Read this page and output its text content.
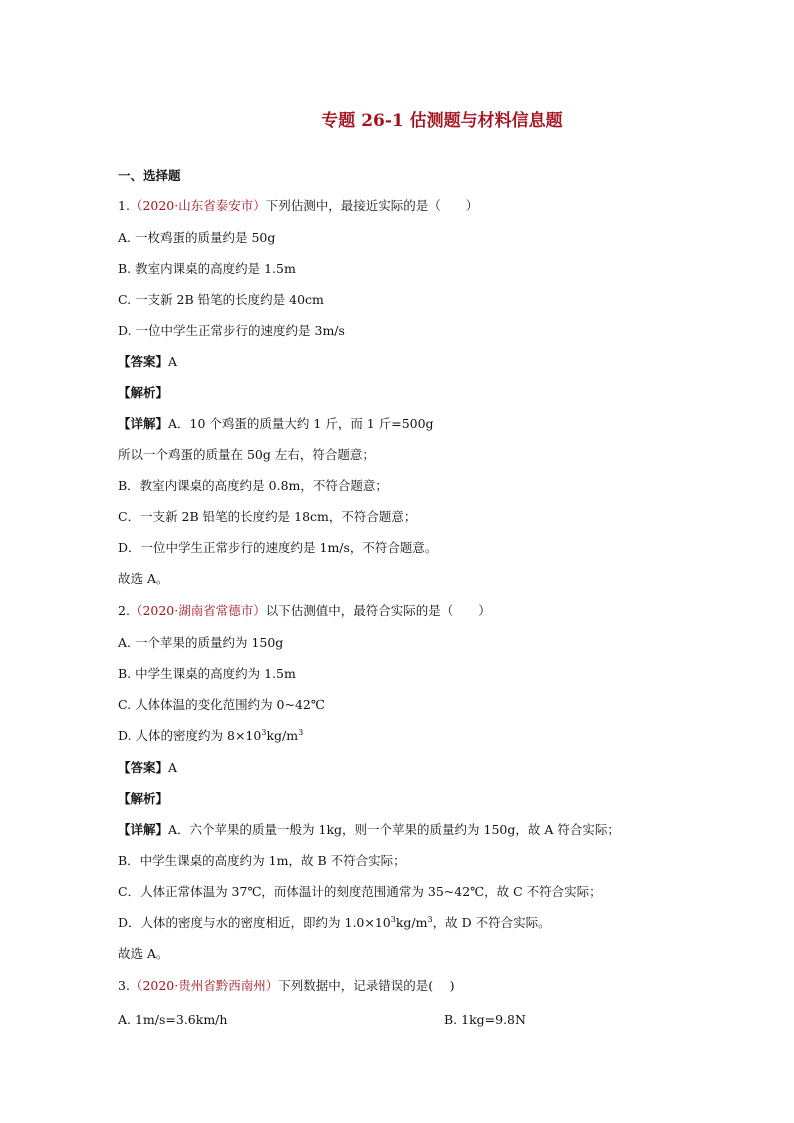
专题 26-1 估测题与材料信息题
一、选择题
1.（2020·山东省泰安市）下列估测中，最接近实际的是（　　）
A. 一枚鸡蛋的质量约是 50g
B. 教室内课桌的高度约是 1.5m
C. 一支新 2B 铅笔的长度约是 40cm
D. 一位中学生正常步行的速度约是 3m/s
【答案】A
【解析】
【详解】A．10 个鸡蛋的质量大约 1 斤，而 1 斤=500g
所以一个鸡蛋的质量在 50g 左右，符合题意；
B．教室内课桌的高度约是 0.8m，不符合题意；
C．一支新 2B 铅笔的长度约是 18cm，不符合题意；
D．一位中学生正常步行的速度约是 1m/s，不符合题意。
故选 A。
2.（2020·湖南省常德市）以下估测值中，最符合实际的是（　　）
A. 一个苹果的质量约为 150g
B. 中学生课桌的高度约为 1.5m
C. 人体体温的变化范围约为 0~42℃
D. 人体的密度约为 $8\times 10^3kg/m^3$
【答案】A
【解析】
【详解】A．六个苹果的质量一般为 1kg，则一个苹果的质量约为 150g，故 A 符合实际；
B．中学生课桌的高度约为 1m，故 B 不符合实际；
C．人体正常体温为 37℃，而体温计的刻度范围通常为 35~42℃，故 C 不符合实际；
D．人体的密度与水的密度相近，即约为 $1.0\times 10^3kg/m^3$，故 D 不符合实际。
故选 A。
3.（2020·贵州省黔西南州）下列数据中，记录错误的是(　 )
A. 1m/s=3.6km/h	B. 1kg=9.8N
